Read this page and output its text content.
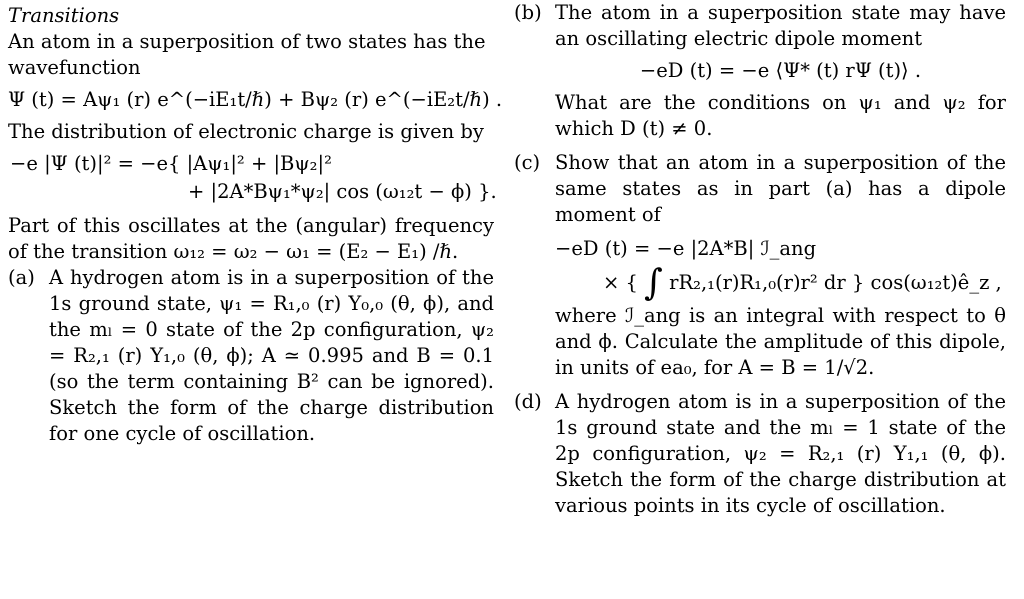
Transitions

An atom in a superposition of two states has the wavefunction

Ψ (t) = Aψ₁ (r) e^(−iE₁t/ℏ) + Bψ₂ (r) e^(−iE₂t/ℏ) .

The distribution of electronic charge is given by

−e |Ψ (t)|² = −e{ |Aψ₁|² + |Bψ₂|²

+ |2A*Bψ₁*ψ₂| cos (ω₁₂t − ϕ) }.

Part of this oscillates at the (angular) frequency of the transition ω₁₂ = ω₂ − ω₁ = (E₂ − E₁) /ℏ.

(a) A hydrogen atom is in a superposition of the 1s ground state, ψ₁ = R₁,₀ (r) Y₀,₀ (θ, ϕ), and the mₗ = 0 state of the 2p configuration, ψ₂ = R₂,₁ (r) Y₁,₀ (θ, ϕ); A ≃ 0.995 and B = 0.1 (so the term containing B² can be ignored). Sketch the form of the charge distribution for one cycle of oscillation.

(b) The atom in a superposition state may have an oscillating electric dipole moment

−eD (t) = −e ⟨Ψ* (t) rΨ (t)⟩ .

What are the conditions on ψ₁ and ψ₂ for which D (t) ≠ 0.

(c) Show that an atom in a superposition of the same states as in part (a) has a dipole moment of

−eD (t) = −e |2A*B| ℐ_ang

× { ∫ rR₂,₁(r)R₁,₀(r)r² dr } cos(ω₁₂t)ê_z ,

where ℐ_ang is an integral with respect to θ and ϕ. Calculate the amplitude of this dipole, in units of ea₀, for A = B = 1/√2.

(d) A hydrogen atom is in a superposition of the 1s ground state and the mₗ = 1 state of the 2p configuration, ψ₂ = R₂,₁ (r) Y₁,₁ (θ, ϕ). Sketch the form of the charge distribution at various points in its cycle of oscillation.
